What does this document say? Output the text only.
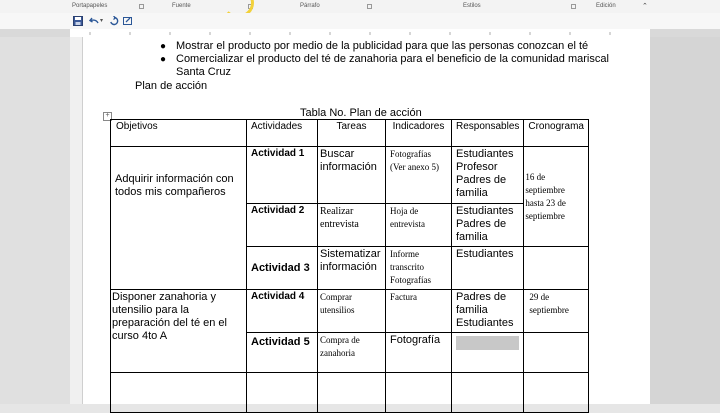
Portapapeles	Fuente	Párrafo	Estilos	Edición	⌃
▾
● Mostrar el producto por medio de la publicidad para que las personas conozcan el té
● Comercializar el producto del té de zanahoria para el beneficio de la comunidad mariscal
Santa Cruz
Plan de acción
Tabla No. Plan de acción
+
Objetivos	Actividades	Tareas	Indicadores	Responsables	Cronograma

Adquirir información con todos mis compañeros	Actividad 1	Buscar información	Fotografías (Ver anexo 5)	Estudiantes Profesor Padres de familia	16 de septiembre hasta 23 de septiembre

	Actividad 2	Realizar entrevista	Hoja de entrevista	Estudiantes Padres de familia	

	Actividad 3	Sistematizar información	Informe transcrito Fotografías	Estudiantes	

Disponer zanahoria y utensilio para la preparación del té en el curso 4to A	Actividad 4	Comprar utensilios	Factura	Padres de familia Estudiantes	29 de septiembre

	Actividad 5	Compra de zanahoria	Fotografía		
